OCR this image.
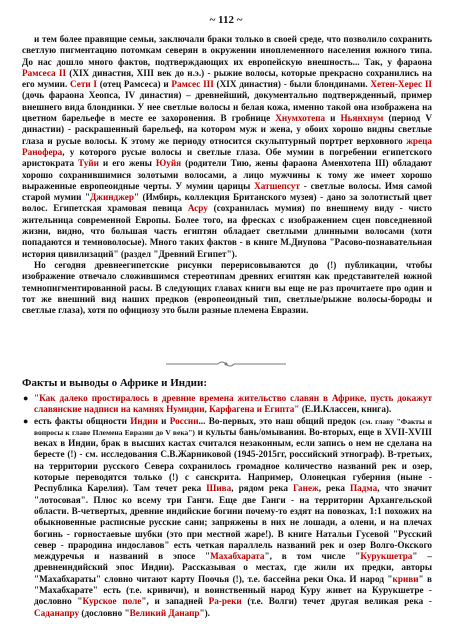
~ 112 ~

и тем более правящие семьи, заключали браки только в своей среде, что позволило сохранить светлую пигментацию потомкам северян в окружении иноплеменного населения южного типа. До нас дошло много фактов, подтверждающих их европейскую внешность... Так, у фараона Рамсеса II (XIX династия, XIII век до н.э.) - рыжие волосы, которые прекрасно сохранились на его мумии. Сети I (отец Рамсеса) и Рамсес III (XIX династия) - были блондинами. Хетен-Херес II (дочь фараона Хеопса, IV династия) – древнейший, документально подтвержденный, пример внешнего вида блондинки. У нее светлые волосы и белая кожа, именно такой она изображена на цветном барельефе в месте ее захоронения. В гробнице Хнумхотепа и Ньянхнум (период V династии) - раскрашенный барельеф, на котором муж и жена, у обоих хорошо видны светлые глаза и русые волосы. К этому же периоду относится скульптурный портрет верховного жреца Ранофера, у которого русые волосы и светлые глаза. Обе мумии в погребении египетского аристократа Туйи и его жены Юуйя (родители Тию, жены фараона Аменхотепа III) обладают хорошо сохранившимися золотыми волосами, а лицо мужчины к тому же имеет хорошо выраженные европеоидные черты. У мумии царицы Хатшепсут - светлые волосы. Имя самой старой мумии "Джинджер" (Имбирь, коллекция Британского музея) - дано за золотистый цвет волос. Египетская храмовая певица Асру (сохранилась мумия) по внешнему виду - чисто жительница современной Европы. Более того, на фресках с изображением сцен повседневной жизни, видно, что большая часть египтян обладает светлыми длинными волосами (хотя попадаются и темноволосые). Много таких фактов - в книге М.Днупова "Расово-познавательная история цивилизаций" (раздел "Древний Египет").

Но сегодня древнеегипетские рисунки перерисовываются до (!) публикации, чтобы изображение отвечало сложившимся стереотипам древних египтян как представителей южной темнопигментированной расы. В следующих главах книги вы еще не раз прочитаете про один и тот же внешний вид наших предков (европеоидный тип, светлые/рыжие волосы-бороды и светлые глаза), хотя по официозу это были разные племена Евразии.

Факты и выводы о Африке и Индии:
● "Как далеко простиралось в древние времена жительство славян в Африке, пусть докажут славянские надписи на камнях Нумидии, Карфагена и Египта" (Е.И.Классен, книга).
● есть факты общности Индии и России... Во-первых, это наш общий предок (см. главу "Факты и вопросы к главе Племена Евразии до V века") и культы бань/омывания. Во-вторых, еще в XVII-XVIII веках в Индии, брак в высших кастах считался незаконным, если запись о нем не сделана на бересте (!) - см. исследования С.В.Жарниковой (1945-2015гг, российский этнограф). В-третьих, на территории русского Севера сохранилось громадное количество названий рек и озер, которые переводятся только (!) с санскрита. Например, Олонецкая губерния (ныне - Республика Карелия). Там течет река Шива, рядом река Ганеж, река Падма, что значит "лотосовая". Плюс ко всему три Ганги. Еще две Ганги - на территории Архангельской области. В-четвертых, древние индийские богини почему-то ездят на повозках, 1:1 похожих на обыкновенные расписные русские сани; запряжены в них не лошади, а олени, и на плечах богинь - горностаевые шубки (это при местной жаре!). В книге Натальи Гусевой "Русский север - прародина индославов" есть четкая параллель названий рек и озер Волго-Окского междуречья и названий в эпосе "Махабхарата", в том числе "Курукшетра" – древнеиндийский эпос Индии). Рассказывая о местах, где жили их предки, авторы "Махабхараты" словно читают карту Поочья (!), т.е. бассейна реки Ока. И народ "криви" в "Махабхарате" есть (т.е. кривичи), и воинственный народ Куру живет на Курукшетре - дословно "Курское поле", и западней Ра-реки (т.е. Волги) течет другая великая река - Саданапру (дословно "Великий Данапр").
